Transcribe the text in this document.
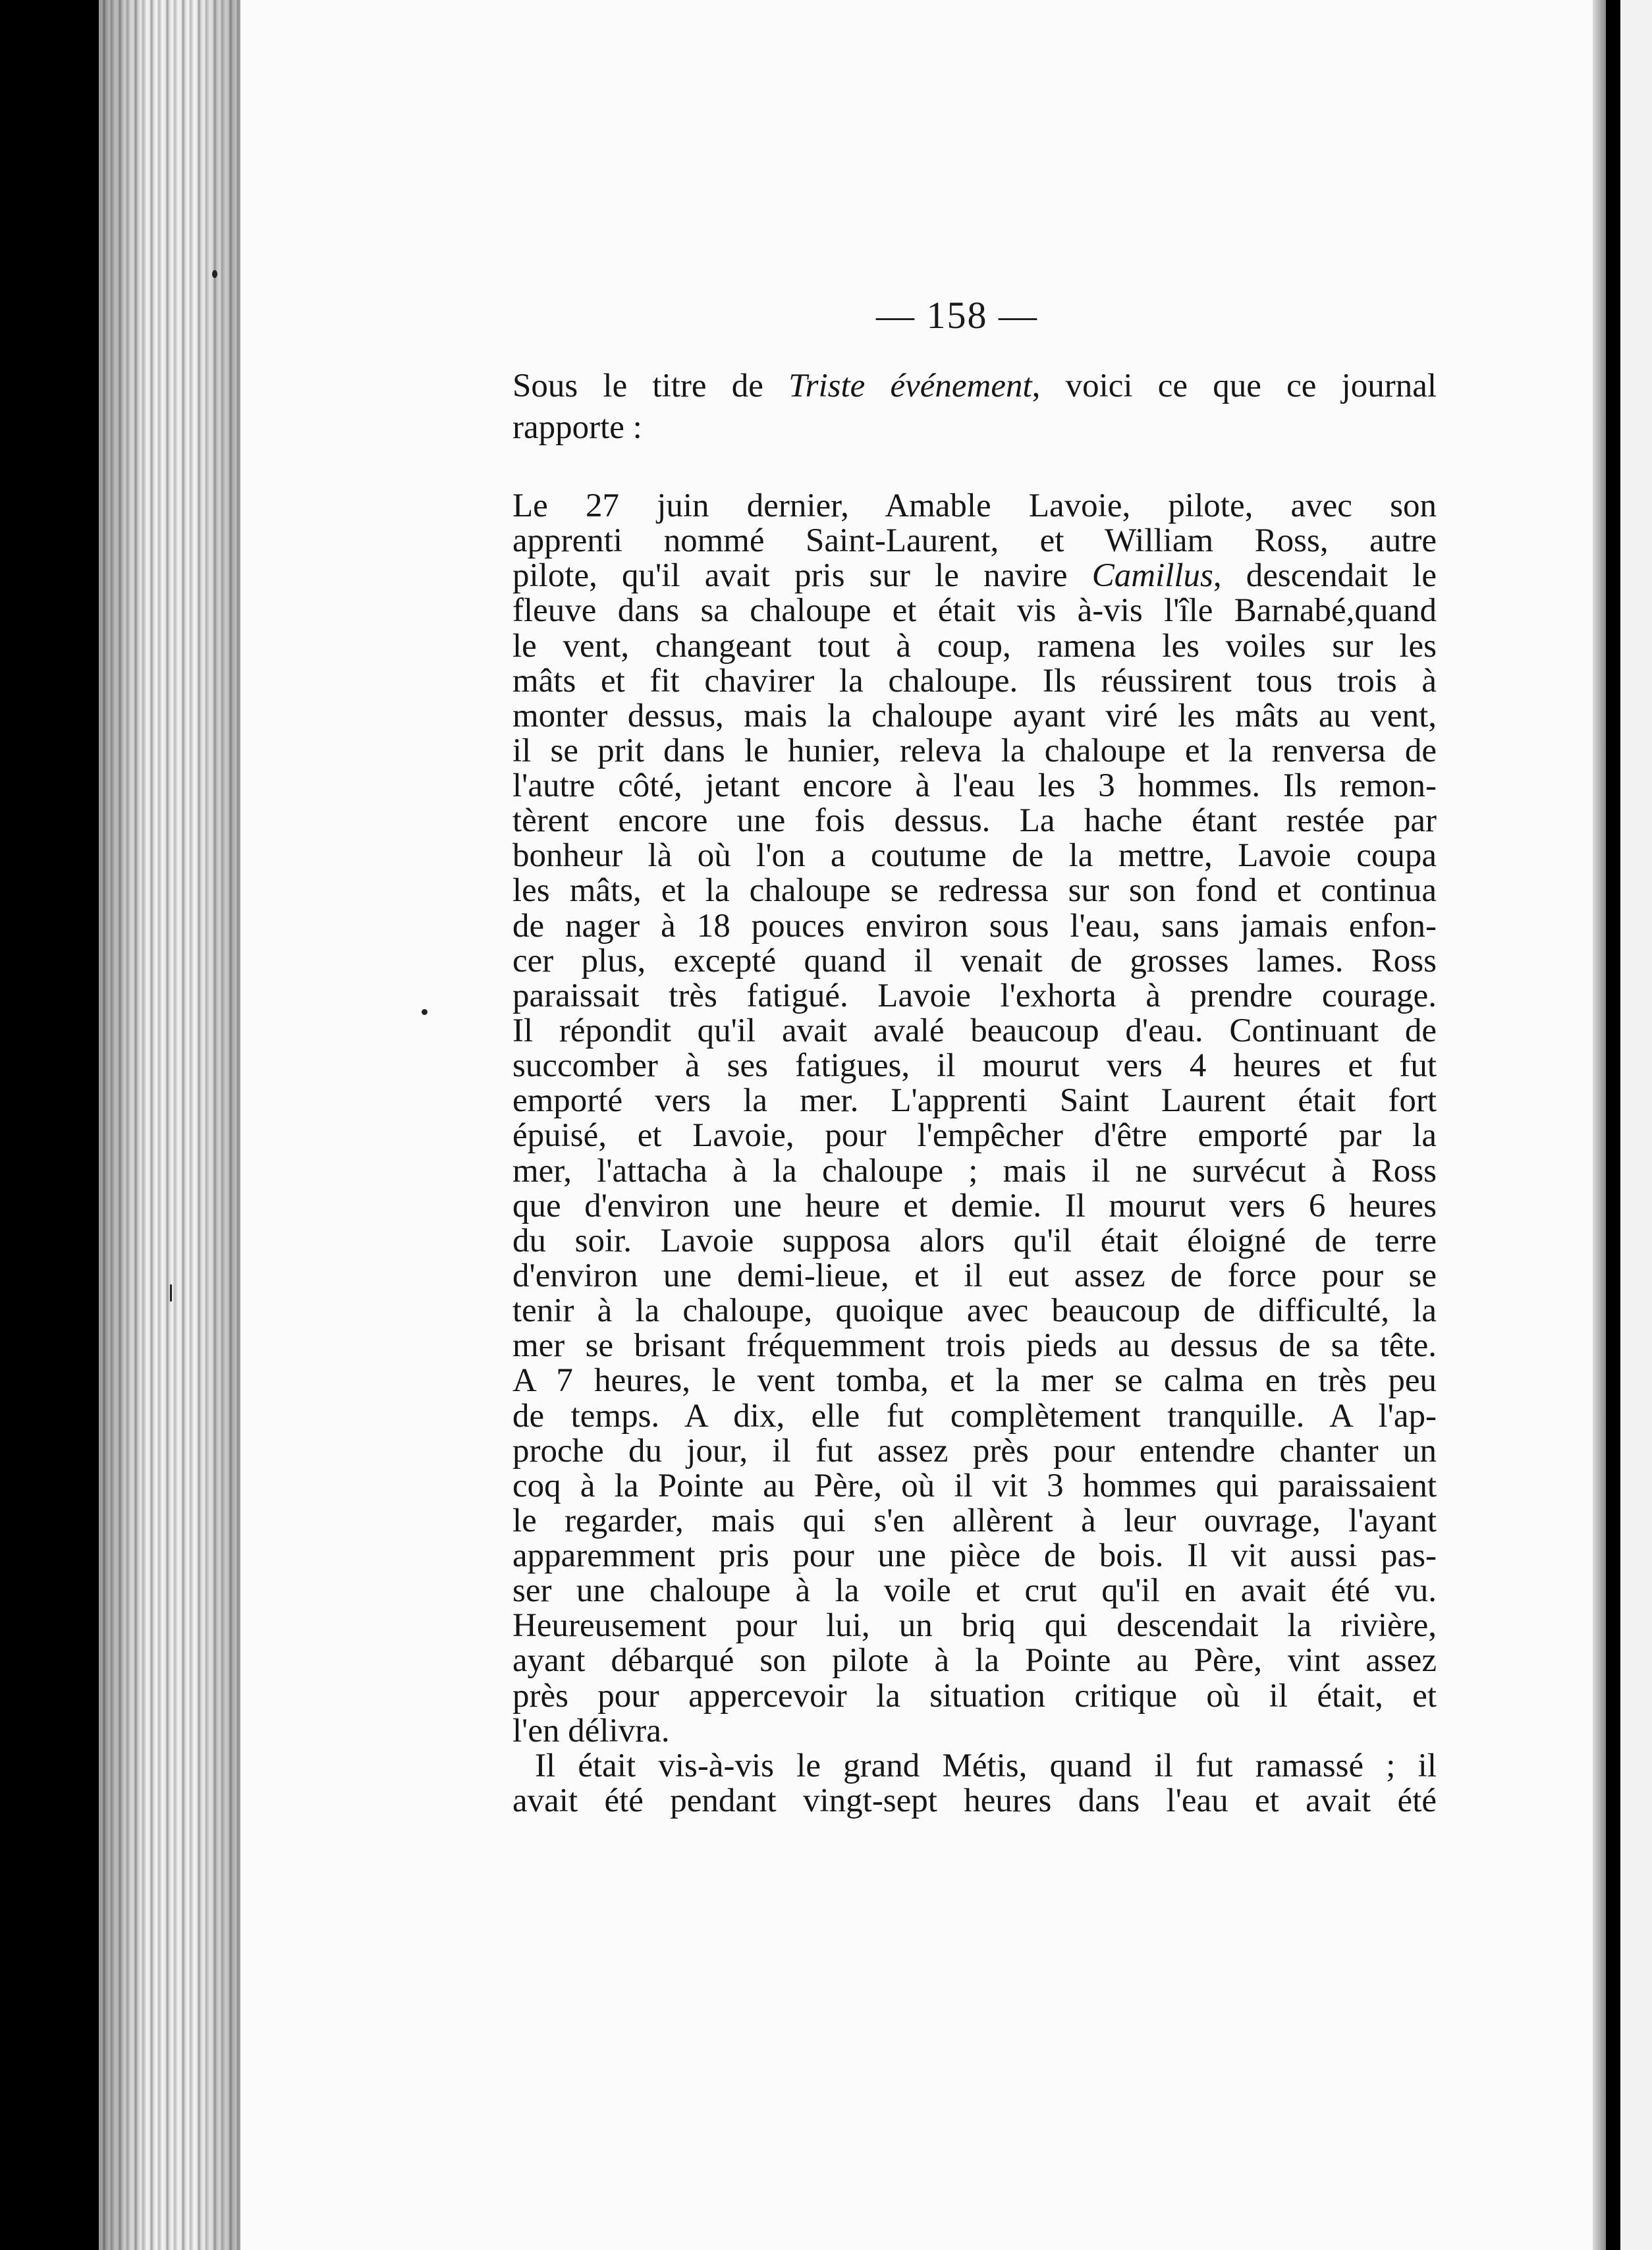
— 158 —
Sous le titre de Triste événement, voici ce que ce journal
rapporte :
Le 27 juin dernier, Amable Lavoie, pilote, avec son
apprenti nommé Saint-Laurent, et William Ross, autre
pilote, qu'il avait pris sur le navire Camillus, descendait le
fleuve dans sa chaloupe et était vis à-vis l'île Barnabé,quand
le vent, changeant tout à coup, ramena les voiles sur les
mâts et fit chavirer la chaloupe. Ils réussirent tous trois à
monter dessus, mais la chaloupe ayant viré les mâts au vent,
il se prit dans le hunier, releva la chaloupe et la renversa de
l'autre côté, jetant encore à l'eau les 3 hommes. Ils remon-
tèrent encore une fois dessus. La hache étant restée par
bonheur là où l'on a coutume de la mettre, Lavoie coupa
les mâts, et la chaloupe se redressa sur son fond et continua
de nager à 18 pouces environ sous l'eau, sans jamais enfon-
cer plus, excepté quand il venait de grosses lames. Ross
paraissait très fatigué. Lavoie l'exhorta à prendre courage.
Il répondit qu'il avait avalé beaucoup d'eau. Continuant de
succomber à ses fatigues, il mourut vers 4 heures et fut
emporté vers la mer. L'apprenti Saint Laurent était fort
épuisé, et Lavoie, pour l'empêcher d'être emporté par la
mer, l'attacha à la chaloupe ; mais il ne survécut à Ross
que d'environ une heure et demie. Il mourut vers 6 heures
du soir. Lavoie supposa alors qu'il était éloigné de terre
d'environ une demi-lieue, et il eut assez de force pour se
tenir à la chaloupe, quoique avec beaucoup de difficulté, la
mer se brisant fréquemment trois pieds au dessus de sa tête.
A 7 heures, le vent tomba, et la mer se calma en très peu
de temps. A dix, elle fut complètement tranquille. A l'ap-
proche du jour, il fut assez près pour entendre chanter un
coq à la Pointe au Père, où il vit 3 hommes qui paraissaient
le regarder, mais qui s'en allèrent à leur ouvrage, l'ayant
apparemment pris pour une pièce de bois. Il vit aussi pas-
ser une chaloupe à la voile et crut qu'il en avait été vu.
Heureusement pour lui, un briq qui descendait la rivière,
ayant débarqué son pilote à la Pointe au Père, vint assez
près pour appercevoir la situation critique où il était, et
l'en délivra.
Il était vis-à-vis le grand Métis, quand il fut ramassé ; il
avait été pendant vingt-sept heures dans l'eau et avait été
